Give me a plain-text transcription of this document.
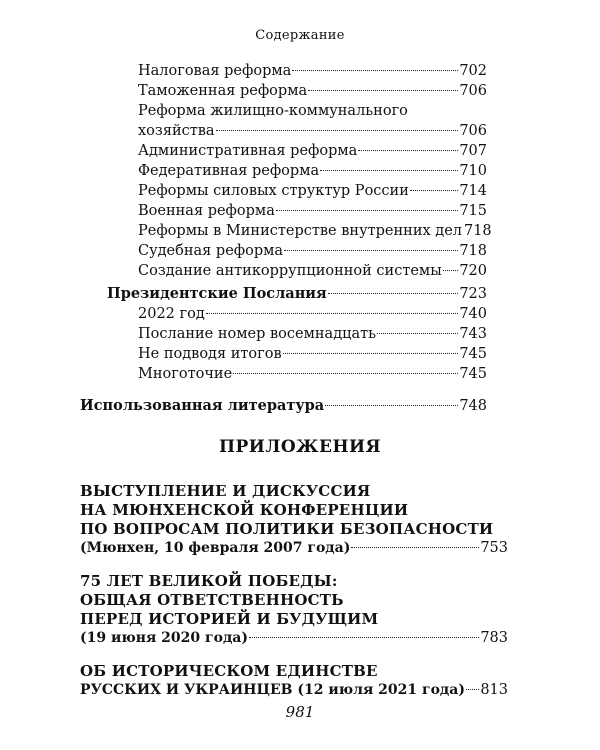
Содержание
Налоговая реформа	702
Таможенная реформа	706
Реформа жилищно-коммунального
хозяйства	706
Административная реформа	707
Федеративная реформа	710
Реформы силовых структур России	714
Военная реформа	715
Реформы в Министерстве внутренних дел 718
Судебная реформа	718
Создание антикоррупционной системы 720
Президентские Послания	723
2022 год	740
Послание номер восемнадцать	743
Не подводя итогов	745
Многоточие	745
Использованная литература	748
ПРИЛОЖЕНИЯ
ВЫСТУПЛЕНИЕ И ДИСКУССИЯ
НА МЮНХЕНСКОЙ КОНФЕРЕНЦИИ
ПО ВОПРОСАМ ПОЛИТИКИ БЕЗОПАСНОСТИ
(Мюнхен, 10 февраля 2007 года)	753
75 ЛЕТ ВЕЛИКОЙ ПОБЕДЫ:
ОБЩАЯ ОТВЕТСТВЕННОСТЬ
ПЕРЕД ИСТОРИЕЙ И БУДУЩИМ
(19 июня 2020 года)	783
ОБ ИСТОРИЧЕСКОМ ЕДИНСТВЕ
РУССКИХ И УКРАИНЦЕВ (12 июля 2021 года) 813
981
